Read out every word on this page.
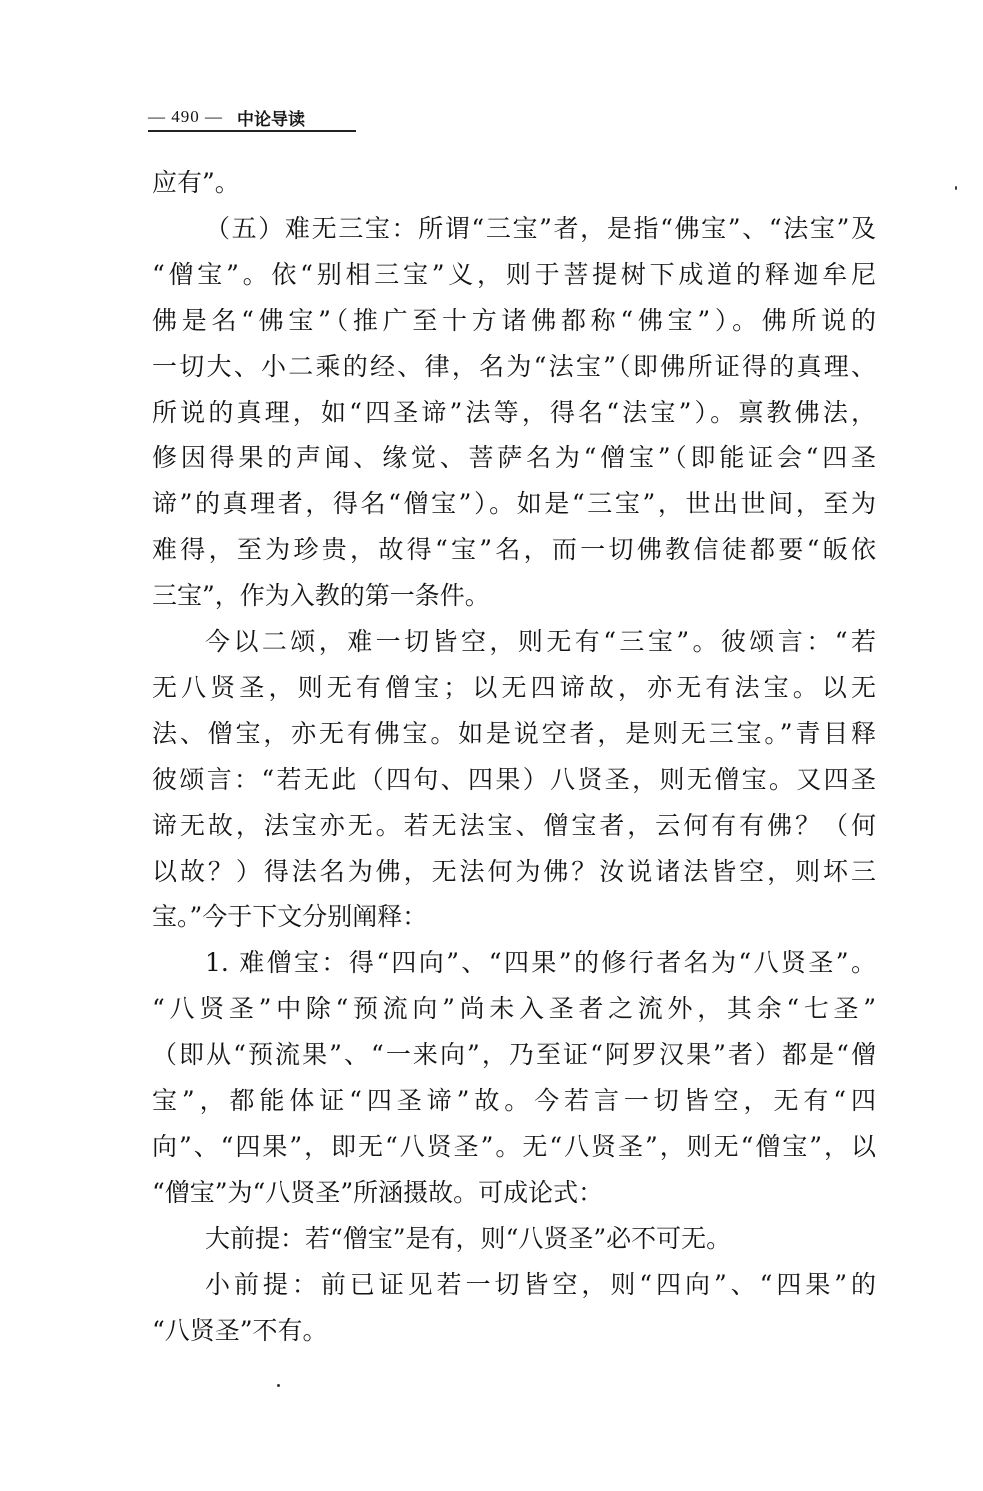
— 490 — 中论导读
应有”。
（五）难无三宝：所谓“三宝”者，是指“佛宝”、“法宝”及
“僧宝”。依“别相三宝”义，则于菩提树下成道的释迦牟尼
佛是名“佛宝”（推广至十方诸佛都称“佛宝”）。佛所说的
一切大、小二乘的经、律，名为“法宝”（即佛所证得的真理、
所说的真理，如“四圣谛”法等，得名“法宝”）。禀教佛法，
修因得果的声闻、缘觉、菩萨名为“僧宝”（即能证会“四圣
谛”的真理者，得名“僧宝”）。如是“三宝”，世出世间，至为
难得，至为珍贵，故得“宝”名，而一切佛教信徒都要“皈依
三宝”，作为入教的第一条件。
今以二颂，难一切皆空，则无有“三宝”。彼颂言：“若
无八贤圣，则无有僧宝；以无四谛故，亦无有法宝。以无
法、僧宝，亦无有佛宝。如是说空者，是则无三宝。”青目释
彼颂言：“若无此（四句、四果）八贤圣，则无僧宝。又四圣
谛无故，法宝亦无。若无法宝、僧宝者，云何有有佛？（何
以故？）得法名为佛，无法何为佛？汝说诸法皆空，则坏三
宝。”今于下文分别阐释：
1. 难僧宝：得“四向”、“四果”的修行者名为“八贤圣”。
“八贤圣”中除“预流向”尚未入圣者之流外，其余“七圣”
（即从“预流果”、“一来向”，乃至证“阿罗汉果”者）都是“僧
宝”，都能体证“四圣谛”故。今若言一切皆空，无有“四
向”、“四果”，即无“八贤圣”。无“八贤圣”，则无“僧宝”，以
“僧宝”为“八贤圣”所涵摄故。可成论式：
大前提：若“僧宝”是有，则“八贤圣”必不可无。
小前提：前已证见若一切皆空，则“四向”、“四果”的
“八贤圣”不有。
